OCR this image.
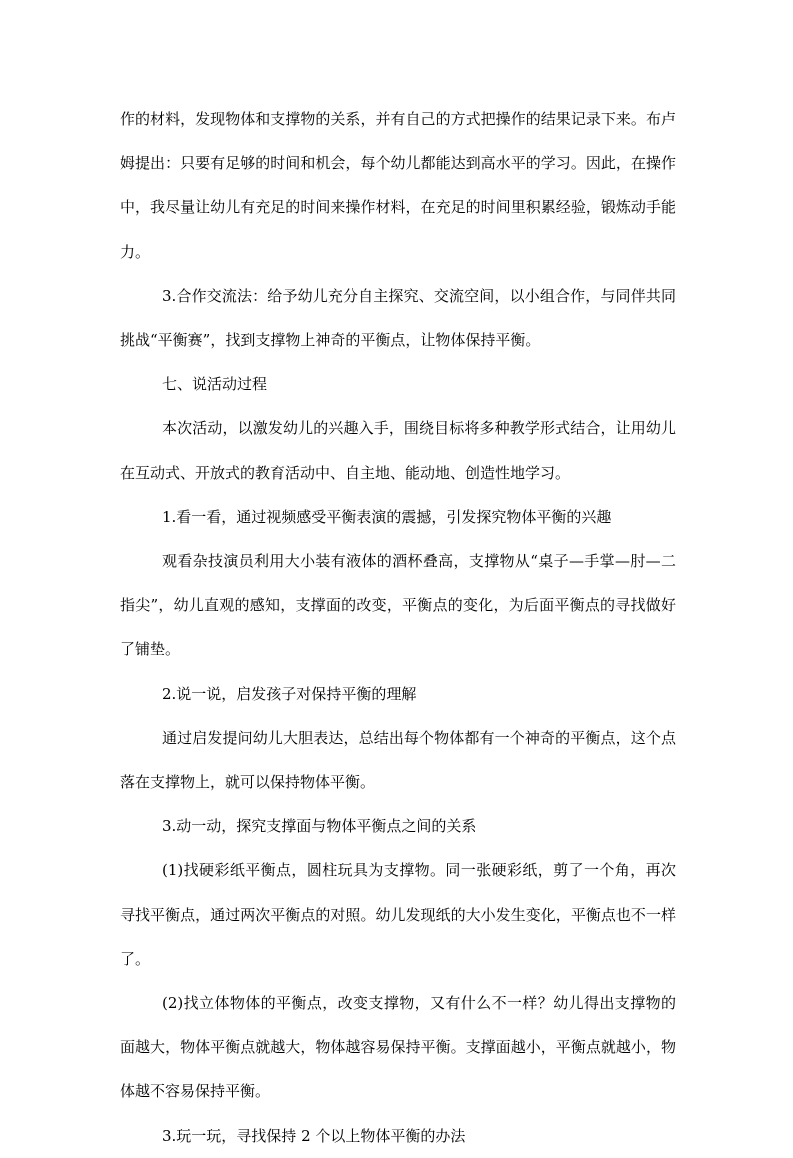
作的材料，发现物体和支撑物的关系，并有自己的方式把操作的结果记录下来。布卢姆提出：只要有足够的时间和机会，每个幼儿都能达到高水平的学习。因此，在操作中，我尽量让幼儿有充足的时间来操作材料，在充足的时间里积累经验，锻炼动手能力。

3.合作交流法：给予幼儿充分自主探究、交流空间，以小组合作，与同伴共同挑战“平衡赛”，找到支撑物上神奇的平衡点，让物体保持平衡。

七、说活动过程

本次活动，以激发幼儿的兴趣入手，围绕目标将多种教学形式结合，让用幼儿在互动式、开放式的教育活动中、自主地、能动地、创造性地学习。

1.看一看，通过视频感受平衡表演的震撼，引发探究物体平衡的兴趣

观看杂技演员利用大小装有液体的酒杯叠高，支撑物从“桌子—手掌—肘—二指尖”，幼儿直观的感知，支撑面的改变，平衡点的变化，为后面平衡点的寻找做好了铺垫。

2.说一说，启发孩子对保持平衡的理解

通过启发提问幼儿大胆表达，总结出每个物体都有一个神奇的平衡点，这个点落在支撑物上，就可以保持物体平衡。

3.动一动，探究支撑面与物体平衡点之间的关系

(1)找硬彩纸平衡点，圆柱玩具为支撑物。同一张硬彩纸，剪了一个角，再次寻找平衡点，通过两次平衡点的对照。幼儿发现纸的大小发生变化，平衡点也不一样了。

(2)找立体物体的平衡点，改变支撑物，又有什么不一样？幼儿得出支撑物的面越大，物体平衡点就越大，物体越容易保持平衡。支撑面越小，平衡点就越小，物体越不容易保持平衡。

3.玩一玩，寻找保持 2 个以上物体平衡的办法
